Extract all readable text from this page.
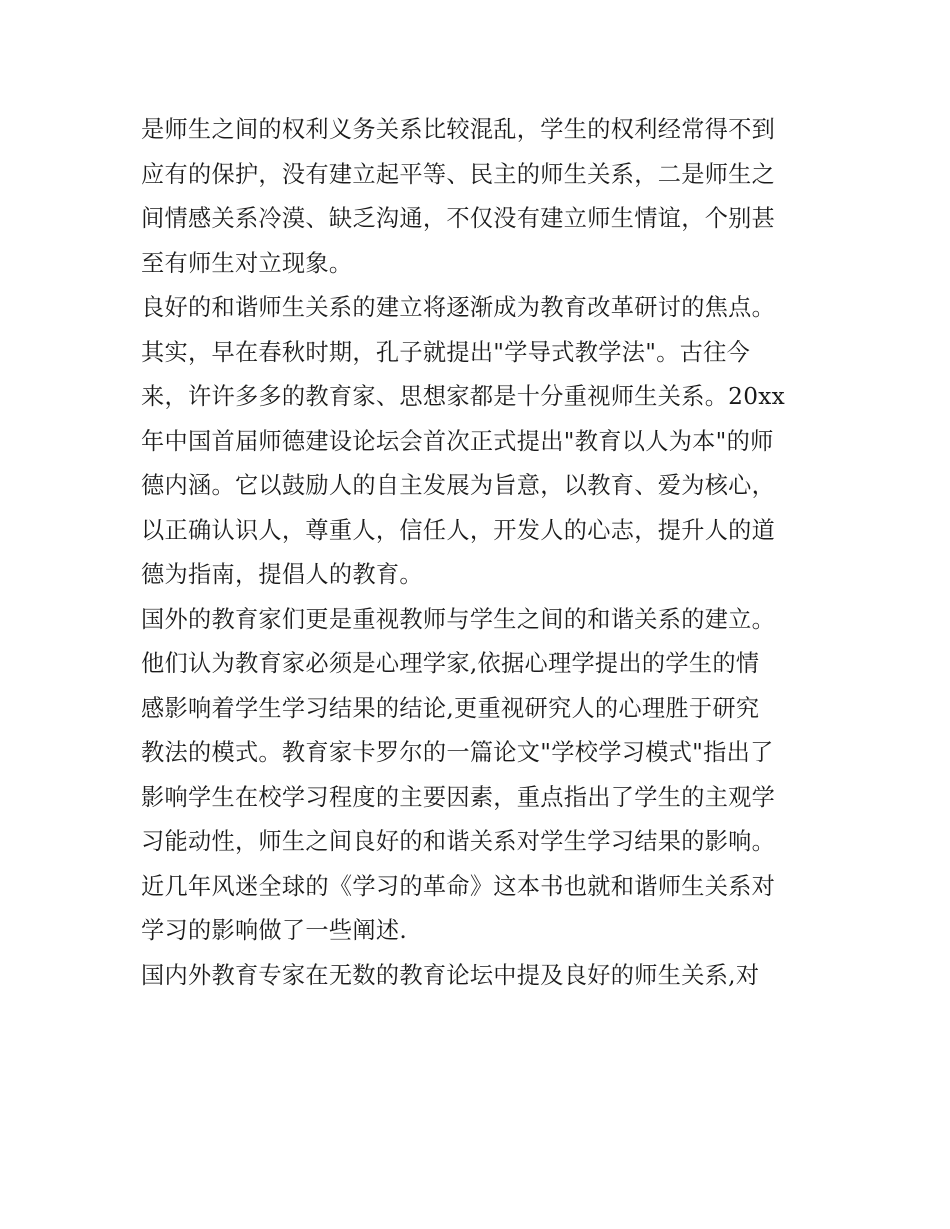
是师生之间的权利义务关系比较混乱，学生的权利经常得不到
应有的保护，没有建立起平等、民主的师生关系，二是师生之
间情感关系冷漠、缺乏沟通，不仅没有建立师生情谊，个别甚
至有师生对立现象。
良好的和谐师生关系的建立将逐渐成为教育改革研讨的焦点。
其实，早在春秋时期，孔子就提出"学导式教学法"。古往今
来，许许多多的教育家、思想家都是十分重视师生关系。20xx
年中国首届师德建设论坛会首次正式提出"教育以人为本"的师
德内涵。它以鼓励人的自主发展为旨意，以教育、爱为核心，
以正确认识人，尊重人，信任人，开发人的心志，提升人的道
德为指南，提倡人的教育。
国外的教育家们更是重视教师与学生之间的和谐关系的建立。
他们认为教育家必须是心理学家,依据心理学提出的学生的情
感影响着学生学习结果的结论,更重视研究人的心理胜于研究
教法的模式。教育家卡罗尔的一篇论文"学校学习模式"指出了
影响学生在校学习程度的主要因素，重点指出了学生的主观学
习能动性，师生之间良好的和谐关系对学生学习结果的影响。
近几年风迷全球的《学习的革命》这本书也就和谐师生关系对
学习的影响做了一些阐述.
国内外教育专家在无数的教育论坛中提及良好的师生关系,对
